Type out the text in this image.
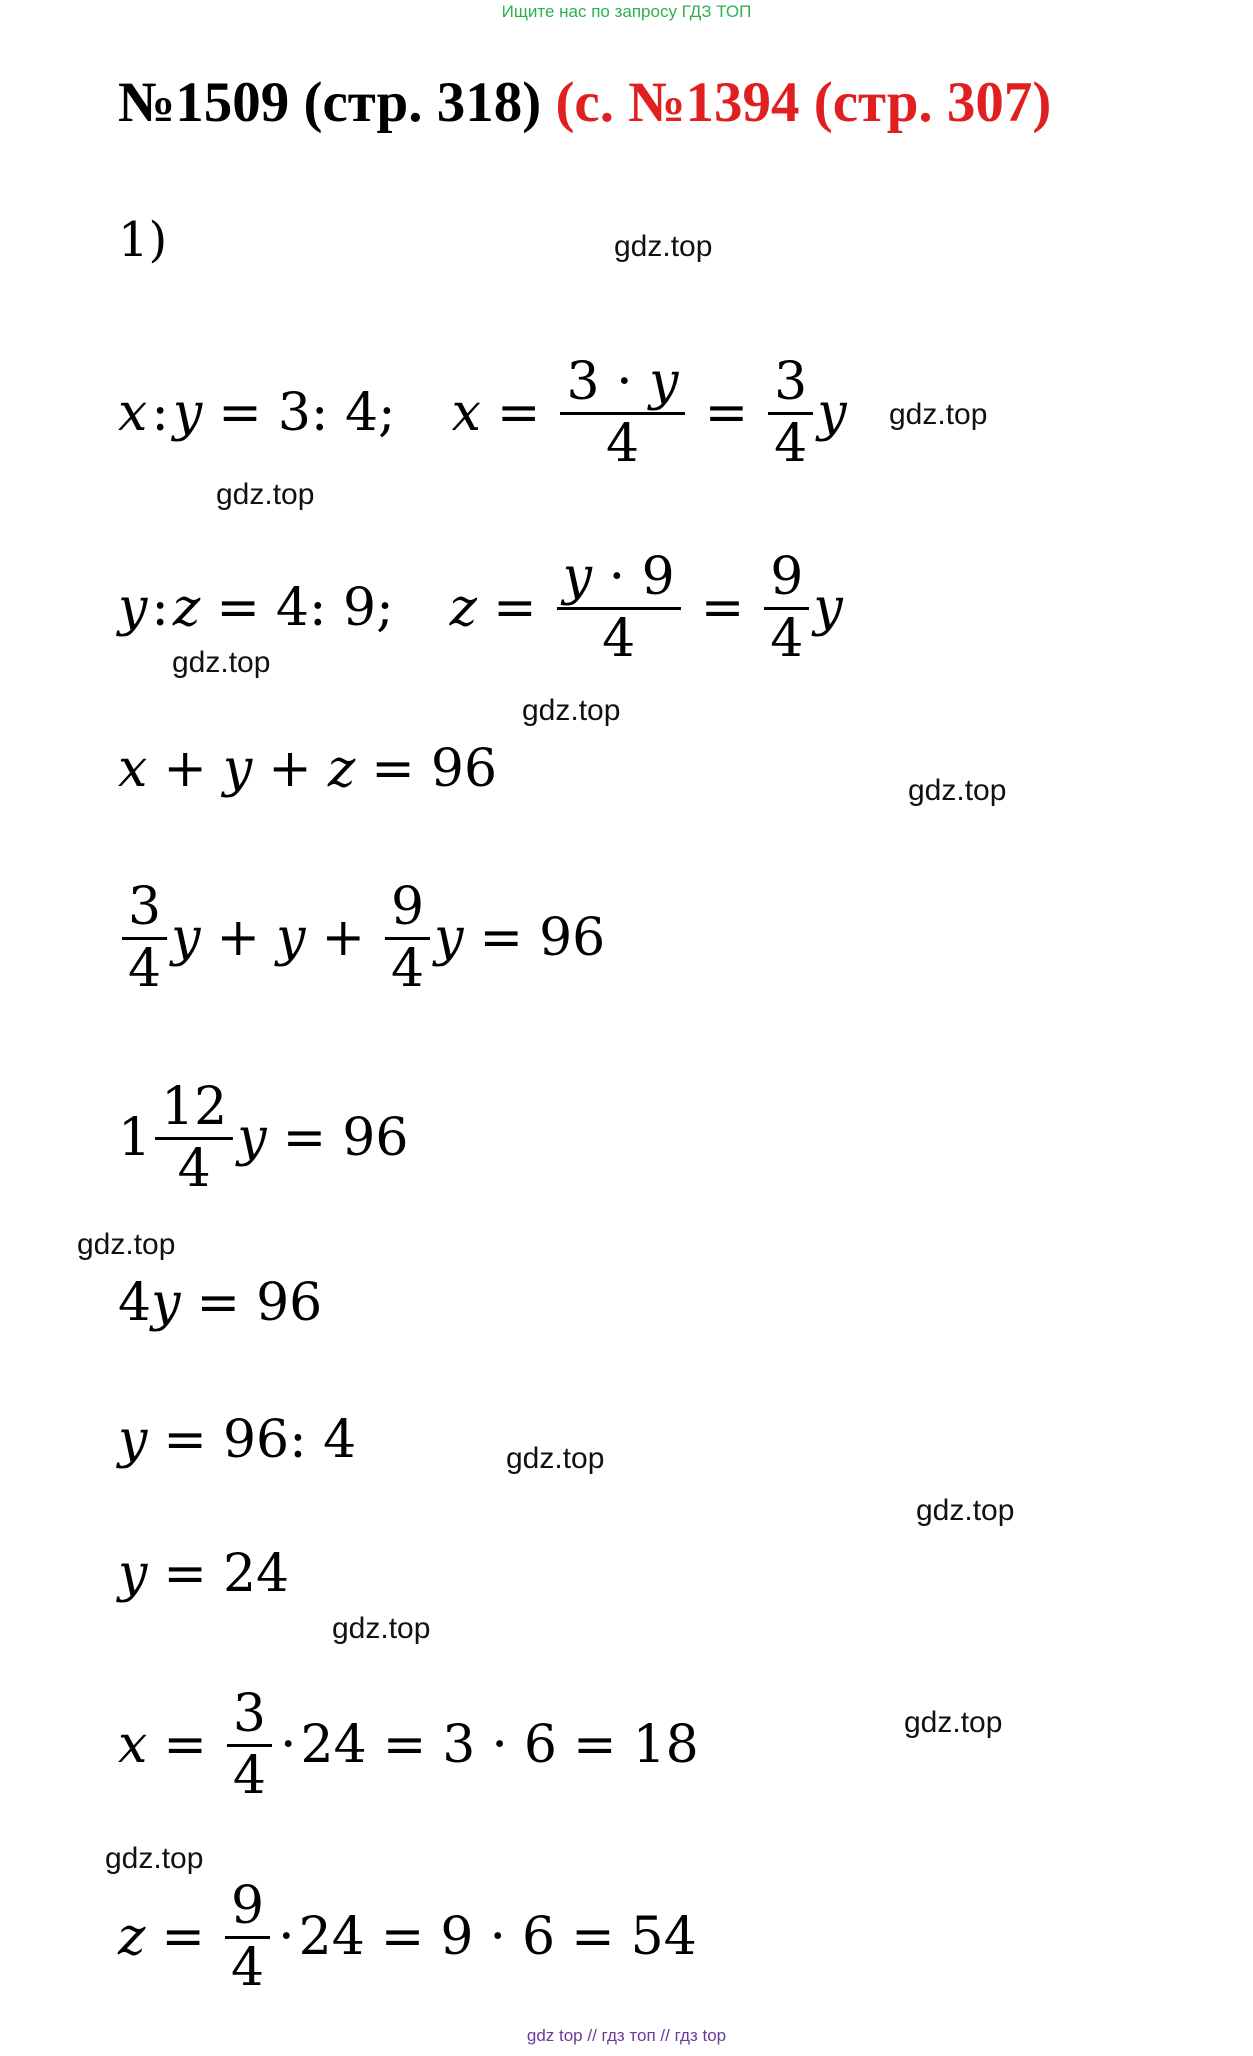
Ищите нас по запросу ГДЗ ТОП
№1509 (стр. 318) (с. №1394 (стр. 307)
1)
x : y = 3: 4; $x = \frac{3 \cdot y}{4} = \frac{3}{4}$ y
y : z = 4: 9; $z = \frac{y \cdot 9}{4} = \frac{9}{4}$ y
x + y + z = 96
$\frac{3}{4}$ $y + y + \frac{9}{4}$ y = 96
$1 \frac{12}{4}$ y = 96
4 y = 96
y = 96: 4
y = 24
$x = \frac{3}{4} \cdot 24 = 3 \cdot 6 = 18$
$z = \frac{9}{4} \cdot 24 = 9 \cdot 6 = 54$
gdz.top
gdz.top
gdz.top
gdz.top
gdz.top
gdz.top
gdz.top
gdz.top
gdz.top
gdz.top
gdz.top
gdz.top
gdz top // гдз топ // гдз top
